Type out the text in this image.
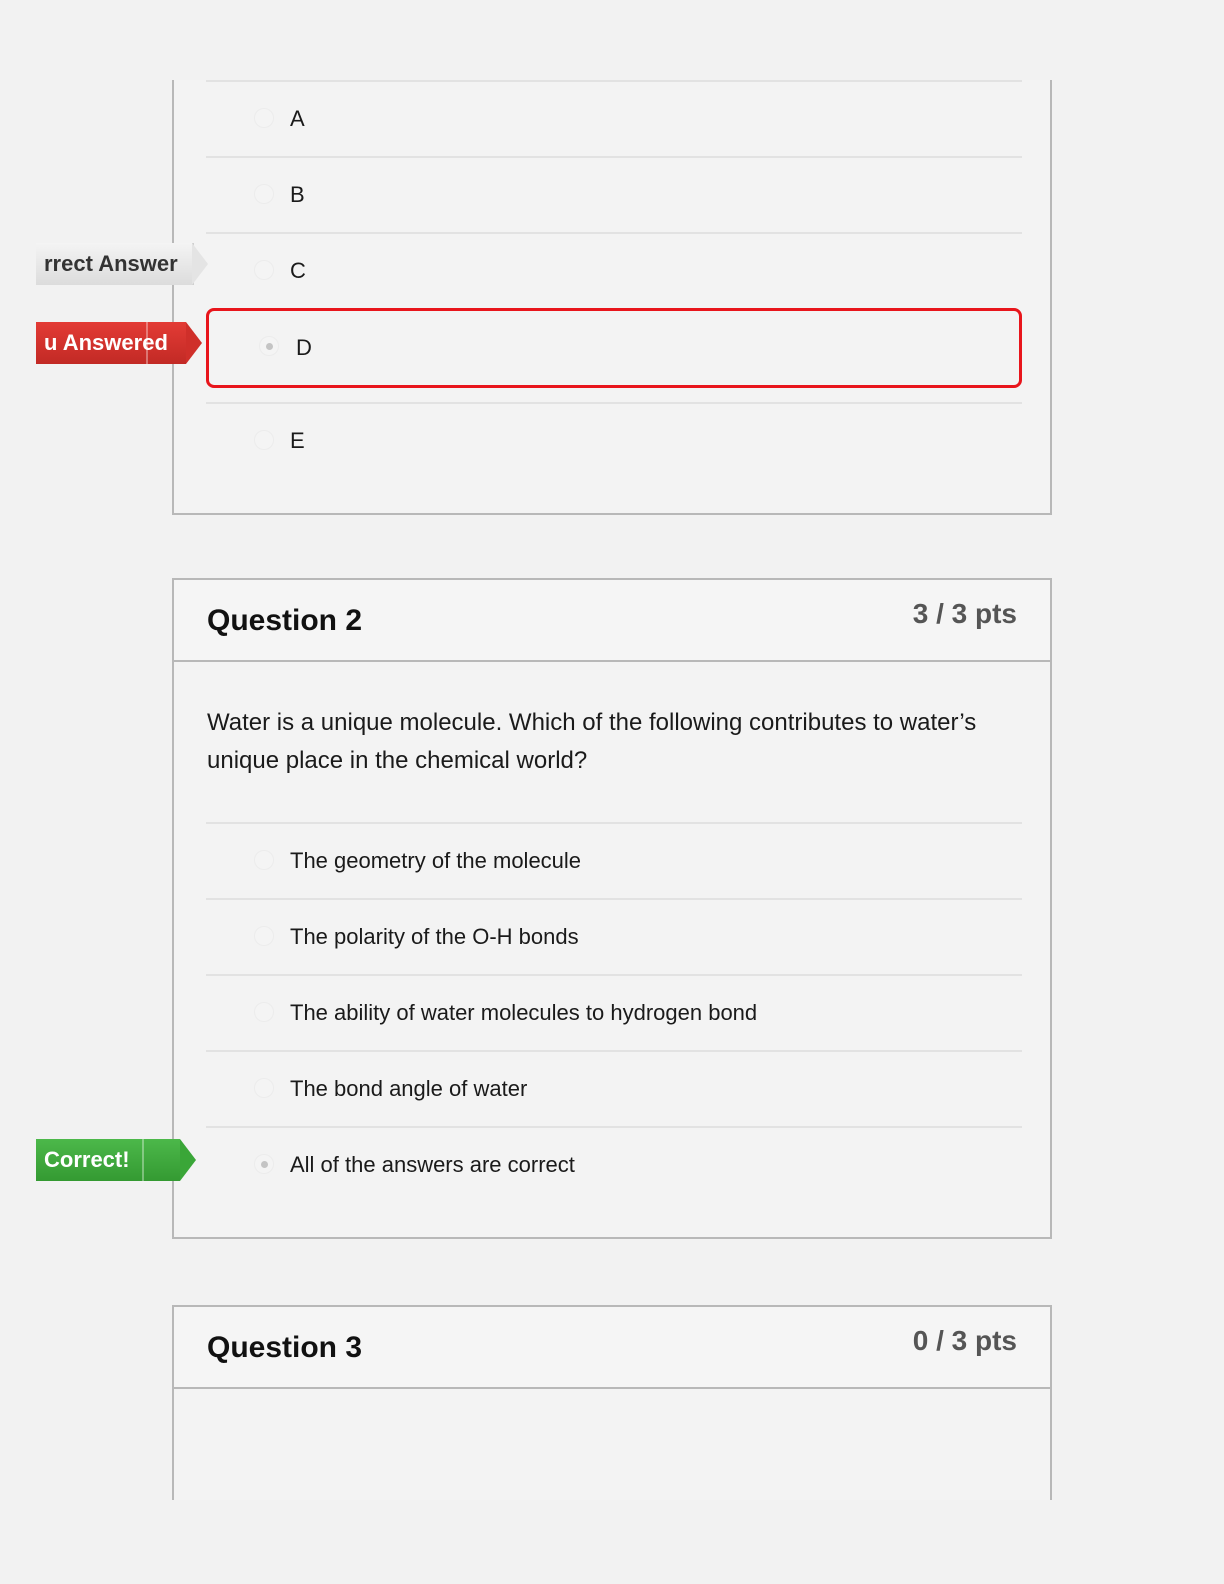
A
B
C
D
E
rrect Answer
u Answered
Question 2	3 / 3 pts
Water is a unique molecule. Which of the following contributes to water’s unique place in the chemical world?
The geometry of the molecule
The polarity of the O-H bonds
The ability of water molecules to hydrogen bond
The bond angle of water
All of the answers are correct
Correct!
Question 3	0 / 3 pts
